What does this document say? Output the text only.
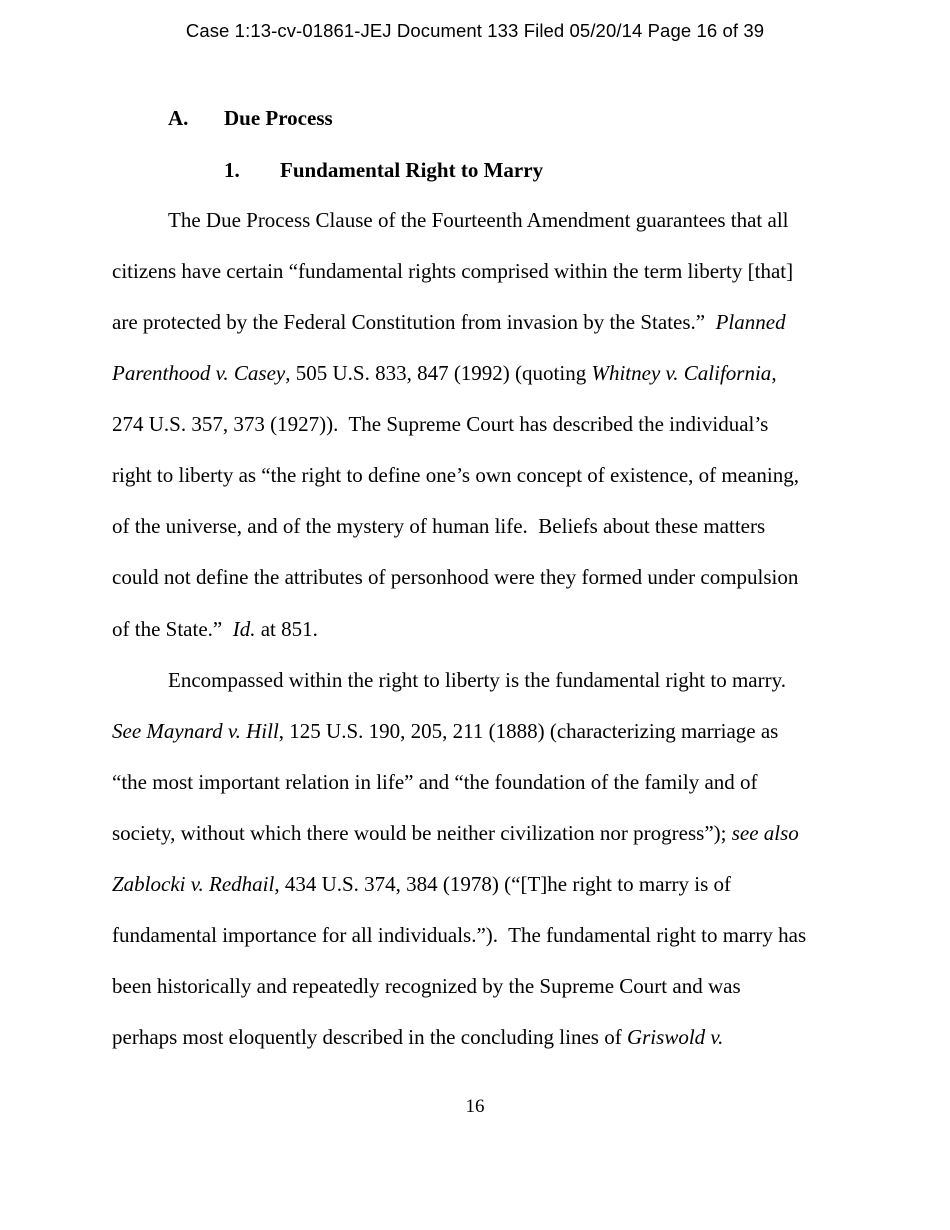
Case 1:13-cv-01861-JEJ Document 133 Filed 05/20/14 Page 16 of 39
A. Due Process
1. Fundamental Right to Marry
The Due Process Clause of the Fourteenth Amendment guarantees that all
citizens have certain “fundamental rights comprised within the term liberty [that]
are protected by the Federal Constitution from invasion by the States.”  Planned
Parenthood v. Casey, 505 U.S. 833, 847 (1992) (quoting Whitney v. California,
274 U.S. 357, 373 (1927)).  The Supreme Court has described the individual’s
right to liberty as “the right to define one’s own concept of existence, of meaning,
of the universe, and of the mystery of human life.  Beliefs about these matters
could not define the attributes of personhood were they formed under compulsion
of the State.”  Id. at 851.
Encompassed within the right to liberty is the fundamental right to marry.
See Maynard v. Hill, 125 U.S. 190, 205, 211 (1888) (characterizing marriage as
“the most important relation in life” and “the foundation of the family and of
society, without which there would be neither civilization nor progress”); see also
Zablocki v. Redhail, 434 U.S. 374, 384 (1978) (“[T]he right to marry is of
fundamental importance for all individuals.”).  The fundamental right to marry has
been historically and repeatedly recognized by the Supreme Court and was
perhaps most eloquently described in the concluding lines of Griswold v.
16
